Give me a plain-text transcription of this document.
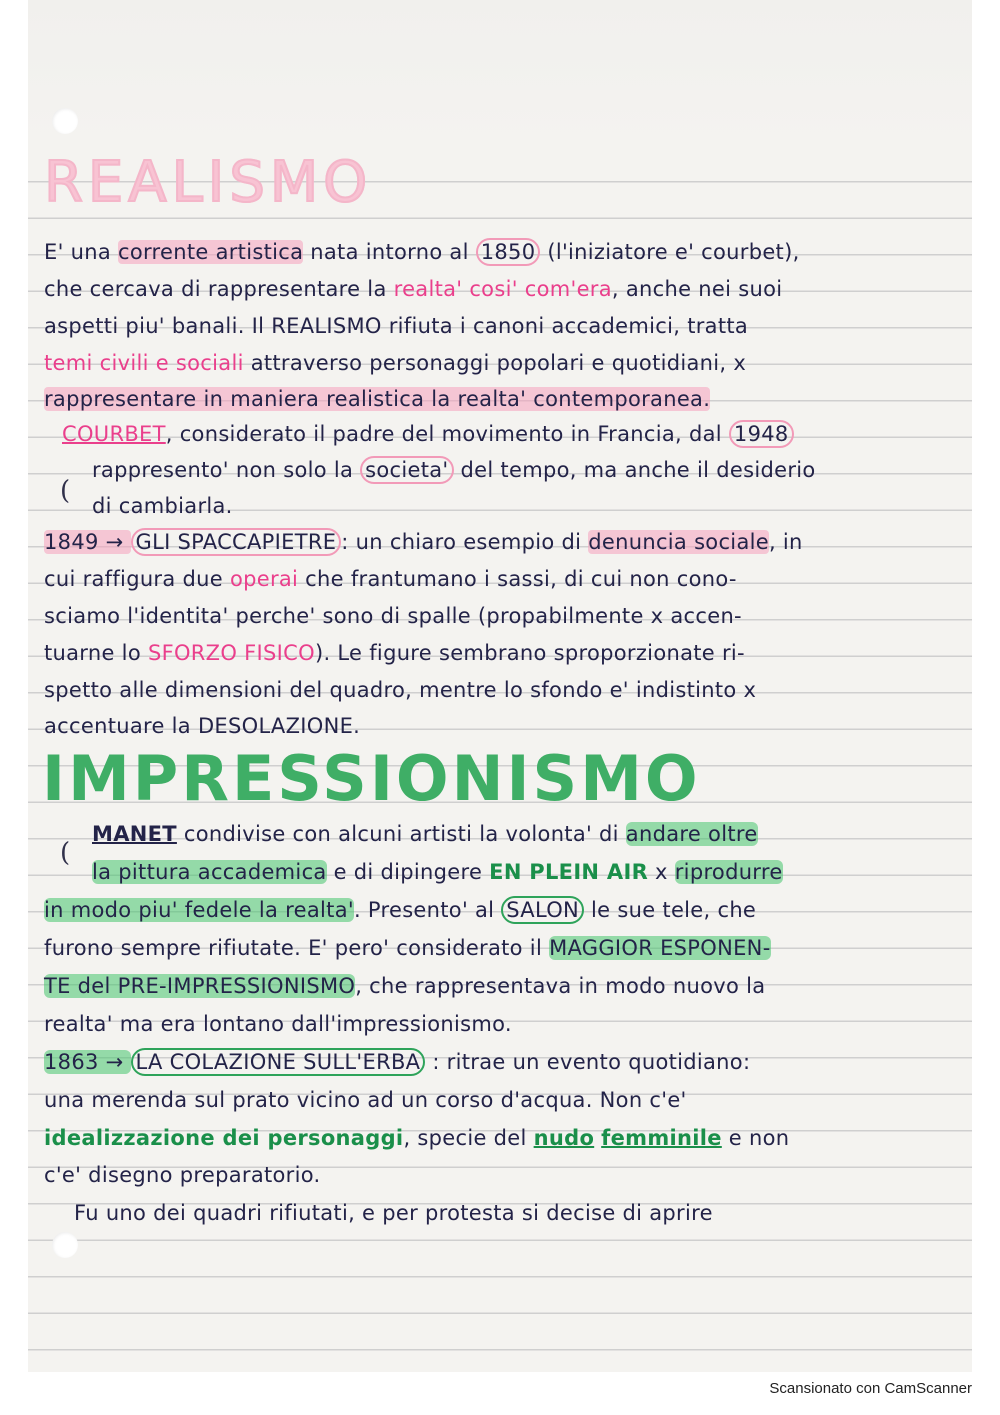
(
(
REALISMO
E' una corrente artistica nata intorno al 1850 (l'iniziatore e' courbet),
che cercava di rappresentare la realta' cosi' com'era, anche nei suoi
aspetti piu' banali. Il REALISMO rifiuta i canoni accademici, tratta
temi civili e sociali attraverso personaggi popolari e quotidiani, x
rappresentare in maniera realistica la realta' contemporanea.
COURBET, considerato il padre del movimento in Francia, dal 1948
rappresento' non solo la societa' del tempo, ma anche il desiderio
di cambiarla.
1849 → GLI SPACCAPIETRE : un chiaro esempio di denuncia sociale, in
cui raffigura due operai che frantumano i sassi, di cui non cono-
sciamo l'identita' perche' sono di spalle (propabilmente x accen-
tuarne lo SFORZO FISICO). Le figure sembrano sproporzionate ri-
spetto alle dimensioni del quadro, mentre lo sfondo e' indistinto x
accentuare la DESOLAZIONE.
IMPRESSIONISMO
MANET condivise con alcuni artisti la volonta' di andare oltre
la pittura accademica e di dipingere EN PLEIN AIR x riprodurre
in modo piu' fedele la realta'. Presento' al SALON le sue tele, che
furono sempre rifiutate. E' pero' considerato il MAGGIOR ESPONEN-
TE del PRE-IMPRESSIONISMO, che rappresentava in modo nuovo la
realta' ma era lontano dall'impressionismo.
1863 → LA COLAZIONE SULL'ERBA : ritrae un evento quotidiano:
una merenda sul prato vicino ad un corso d'acqua. Non c'e'
idealizzazione dei personaggi, specie del nudo femminile e non
c'e' disegno preparatorio.
Fu uno dei quadri rifiutati, e per protesta si decise di aprire
Scansionato con CamScanner
